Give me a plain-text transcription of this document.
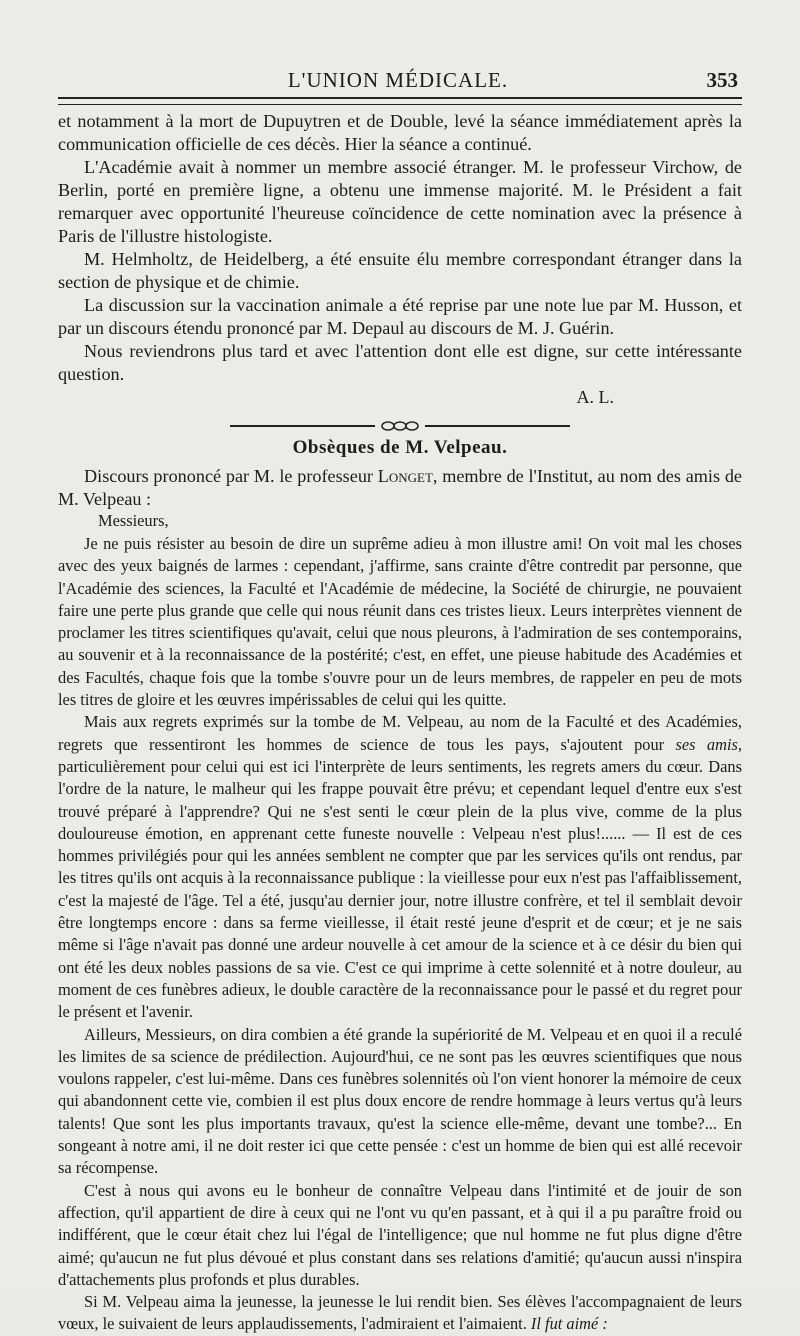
L'UNION MÉDICALE.	353

et notamment à la mort de Dupuytren et de Double, levé la séance immédiatement après la communication officielle de ces décès. Hier la séance a continué.

L'Académie avait à nommer un membre associé étranger. M. le professeur Virchow, de Berlin, porté en première ligne, a obtenu une immense majorité. M. le Président a fait remarquer avec opportunité l'heureuse coïncidence de cette nomination avec la présence à Paris de l'illustre histologiste.

M. Helmholtz, de Heidelberg, a été ensuite élu membre correspondant étranger dans la section de physique et de chimie.

La discussion sur la vaccination animale a été reprise par une note lue par M. Husson, et par un discours étendu prononcé par M. Depaul au discours de M. J. Guérin.

Nous reviendrons plus tard et avec l'attention dont elle est digne, sur cette intéressante question.

A. L.
Obsèques de M. Velpeau.

Discours prononcé par M. le professeur Longet, membre de l'Institut, au nom des amis de M. Velpeau :

Messieurs,

Je ne puis résister au besoin de dire un suprême adieu à mon illustre ami! On voit mal les choses avec des yeux baignés de larmes : cependant, j'affirme, sans crainte d'être contredit par personne, que l'Académie des sciences, la Faculté et l'Académie de médecine, la Société de chirurgie, ne pouvaient faire une perte plus grande que celle qui nous réunit dans ces tristes lieux. Leurs interprètes viennent de proclamer les titres scientifiques qu'avait, celui que nous pleurons, à l'admiration de ses contemporains, au souvenir et à la reconnaissance de la postérité; c'est, en effet, une pieuse habitude des Académies et des Facultés, chaque fois que la tombe s'ouvre pour un de leurs membres, de rappeler en peu de mots les titres de gloire et les œuvres impérissables de celui qui les quitte.

Mais aux regrets exprimés sur la tombe de M. Velpeau, au nom de la Faculté et des Académies, regrets que ressentiront les hommes de science de tous les pays, s'ajoutent pour ses amis, particulièrement pour celui qui est ici l'interprète de leurs sentiments, les regrets amers du cœur. Dans l'ordre de la nature, le malheur qui les frappe pouvait être prévu; et cependant lequel d'entre eux s'est trouvé préparé à l'apprendre? Qui ne s'est senti le cœur plein de la plus vive, comme de la plus douloureuse émotion, en apprenant cette funeste nouvelle : Velpeau n'est plus!...... — Il est de ces hommes privilégiés pour qui les années semblent ne compter que par les services qu'ils ont rendus, par les titres qu'ils ont acquis à la reconnaissance publique : la vieillesse pour eux n'est pas l'affaiblissement, c'est la majesté de l'âge. Tel a été, jusqu'au dernier jour, notre illustre confrère, et tel il semblait devoir être longtemps encore : dans sa ferme vieillesse, il était resté jeune d'esprit et de cœur; et je ne sais même si l'âge n'avait pas donné une ardeur nouvelle à cet amour de la science et à ce désir du bien qui ont été les deux nobles passions de sa vie. C'est ce qui imprime à cette solennité et à notre douleur, au moment de ces funèbres adieux, le double caractère de la reconnaissance pour le passé et du regret pour le présent et l'avenir.

Ailleurs, Messieurs, on dira combien a été grande la supériorité de M. Velpeau et en quoi il a reculé les limites de sa science de prédilection. Aujourd'hui, ce ne sont pas les œuvres scientifiques que nous voulons rappeler, c'est lui-même. Dans ces funèbres solennités où l'on vient honorer la mémoire de ceux qui abandonnent cette vie, combien il est plus doux encore de rendre hommage à leurs vertus qu'à leurs talents! Que sont les plus importants travaux, qu'est la science elle-même, devant une tombe?... En songeant à notre ami, il ne doit rester ici que cette pensée : c'est un homme de bien qui est allé recevoir sa récompense.

C'est à nous qui avons eu le bonheur de connaître Velpeau dans l'intimité et de jouir de son affection, qu'il appartient de dire à ceux qui ne l'ont vu qu'en passant, et à qui il a pu paraître froid ou indifférent, que le cœur était chez lui l'égal de l'intelligence; que nul homme ne fut plus digne d'être aimé; qu'aucun ne fut plus dévoué et plus constant dans ses relations d'amitié; qu'aucun aussi n'inspira d'attachements plus profonds et plus durables.

Si M. Velpeau aima la jeunesse, la jeunesse le lui rendit bien. Ses élèves l'accompagnaient de leurs vœux, le suivaient de leurs applaudissements, l'admiraient et l'aimaient. Il fut aimé :
